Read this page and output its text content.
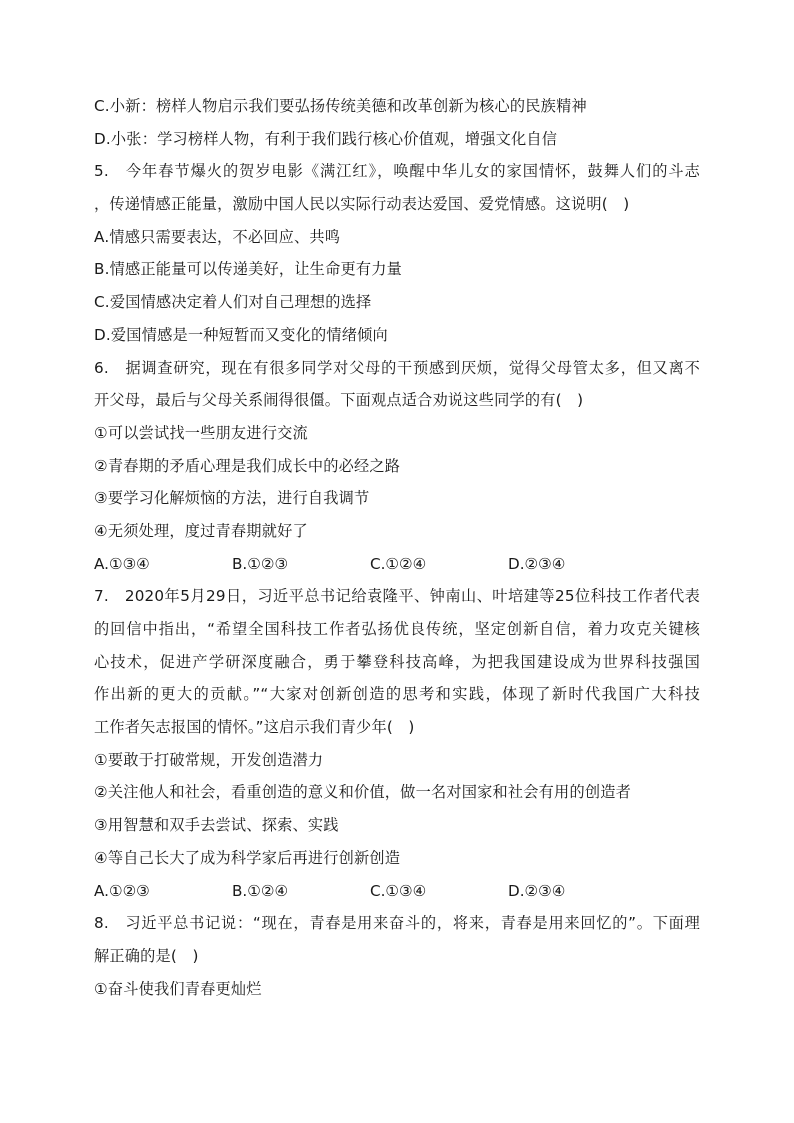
C.小新：榜样人物启示我们要弘扬传统美德和改革创新为核心的民族精神
D.小张：学习榜样人物，有利于我们践行核心价值观，增强文化自信
5.　今年春节爆火的贺岁电影《满江红》，唤醒中华儿女的家国情怀，鼓舞人们的斗志
，传递情感正能量，激励中国人民以实际行动表达爱国、爱党情感。这说明(　)
A.情感只需要表达，不必回应、共鸣
B.情感正能量可以传递美好，让生命更有力量
C.爱国情感决定着人们对自己理想的选择
D.爱国情感是一种短暂而又变化的情绪倾向
6.　据调查研究，现在有很多同学对父母的干预感到厌烦，觉得父母管太多，但又离不
开父母，最后与父母关系闹得很僵。下面观点适合劝说这些同学的有(　)
①可以尝试找一些朋友进行交流
②青春期的矛盾心理是我们成长中的必经之路
③要学习化解烦恼的方法，进行自我调节
④无须处理，度过青春期就好了
A.①③④	B.①②③	C.①②④	D.②③④
7.　2020年5月29日，习近平总书记给袁隆平、钟南山、叶培建等25位科技工作者代表
的回信中指出，“希望全国科技工作者弘扬优良传统，坚定创新自信，着力攻克关键核
心技术，促进产学研深度融合，勇于攀登科技高峰，为把我国建设成为世界科技强国
作出新的更大的贡献。”“大家对创新创造的思考和实践，体现了新时代我国广大科技
工作者矢志报国的情怀。”这启示我们青少年(　)
①要敢于打破常规，开发创造潜力
②关注他人和社会，看重创造的意义和价值，做一名对国家和社会有用的创造者
③用智慧和双手去尝试、探索、实践
④等自己长大了成为科学家后再进行创新创造
A.①②③	B.①②④	C.①③④	D.②③④
8.　习近平总书记说：“现在，青春是用来奋斗的，将来，青春是用来回忆的”。下面理
解正确的是(　)
①奋斗使我们青春更灿烂
